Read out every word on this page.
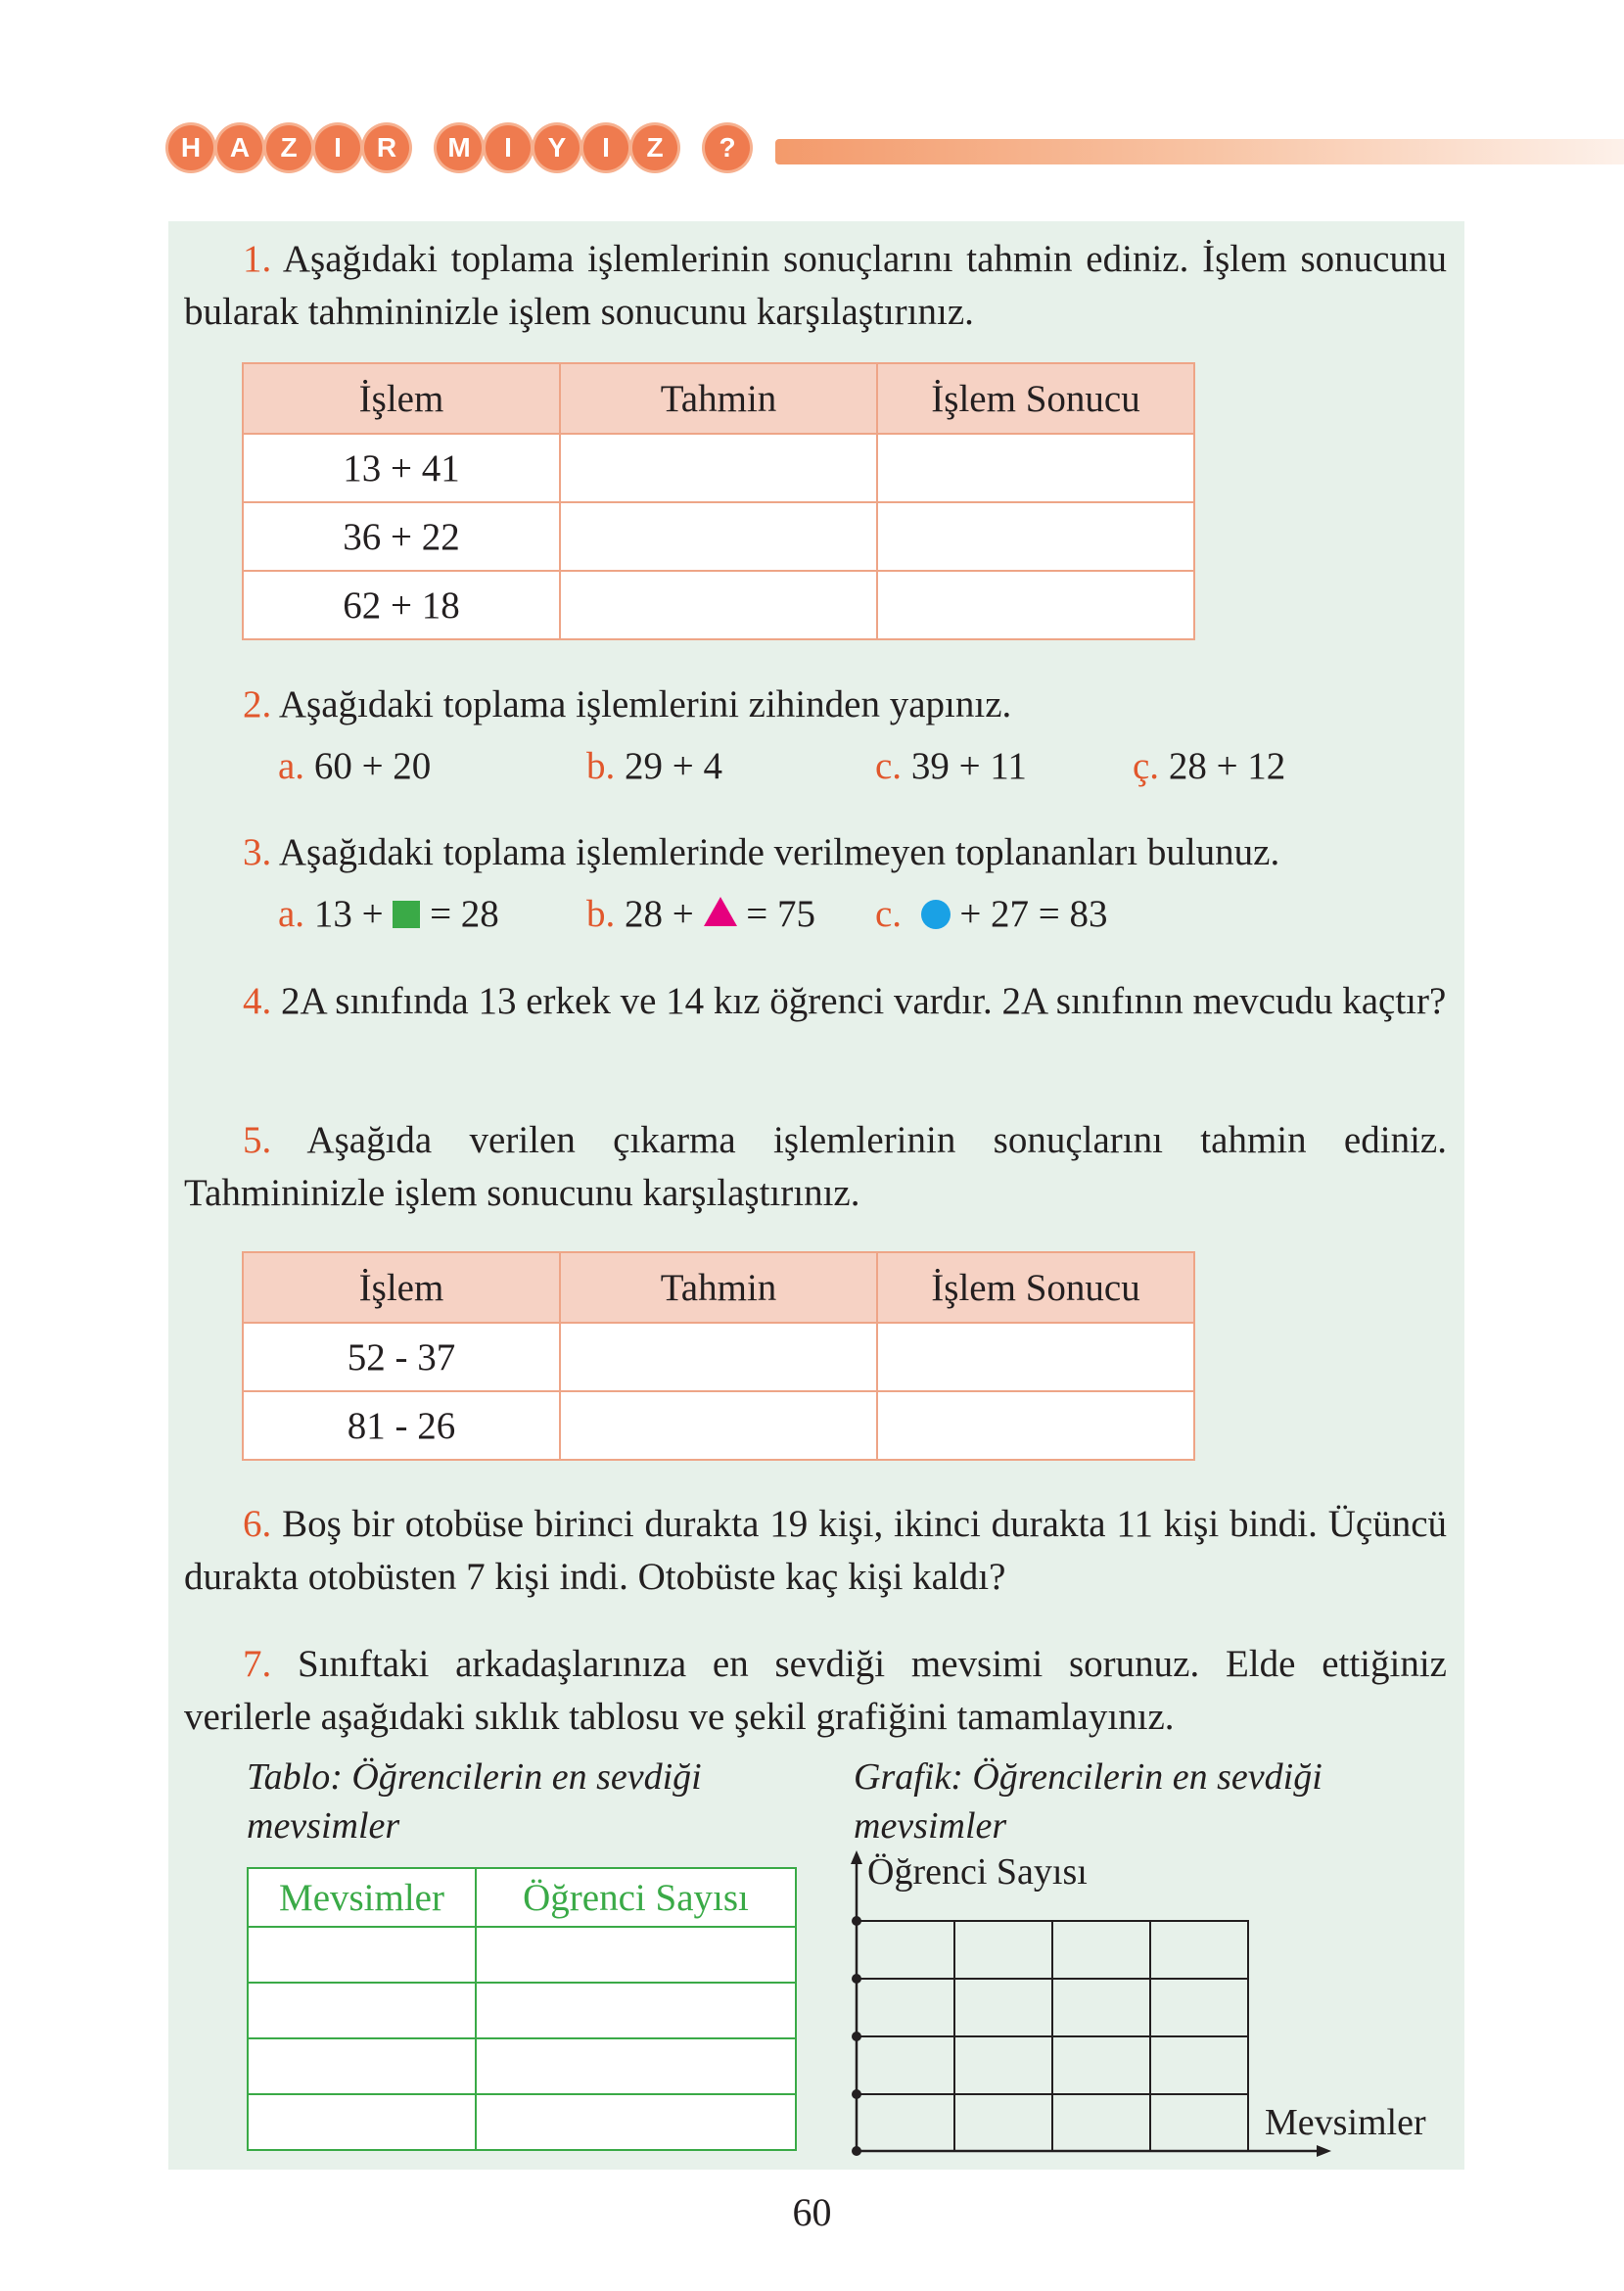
H	A	Z	I	R	M	I	Y	I	Z	?
1. Aşağıdaki toplama işlemlerinin sonuçlarını tahmin ediniz. İşlem sonucunu bularak tahmininizle işlem sonucunu karşılaştırınız.
İşlem	Tahmin	İşlem Sonucu
13 + 41		
36 + 22		
62 + 18		
2. Aşağıdaki toplama işlemlerini zihinden yapınız.
a. 60 + 20	b. 29 + 4	c. 39 + 11	ç. 28 + 12
3. Aşağıdaki toplama işlemlerinde verilmeyen toplananları bulunuz.
a. 13 +  = 28 b. 28 +  = 75 c.   + 27 = 83
4. 2A sınıfında 13 erkek ve 14 kız öğrenci vardır. 2A sınıfının mevcudu kaçtır?
5. Aşağıda verilen çıkarma işlemlerinin sonuçlarını tahmin ediniz. Tahmininizle işlem sonucunu karşılaştırınız.
İşlem	Tahmin	İşlem Sonucu
52 - 37		
81 - 26		
6. Boş bir otobüse birinci durakta 19 kişi, ikinci durakta 11 kişi bindi. Üçüncü durakta otobüsten 7 kişi indi. Otobüste kaç kişi kaldı?
7. Sınıftaki arkadaşlarınıza en sevdiği mevsimi sorunuz. Elde ettiğiniz verilerle aşağıdaki sıklık tablosu ve şekil grafiğini tamamlayınız.
Tablo: Öğrencilerin en sevdiği mevsimler
Grafik: Öğrencilerin en sevdiği mevsimler
Mevsimler	Öğrenci Sayısı

Öğrenci Sayısı
Mevsimler
60
